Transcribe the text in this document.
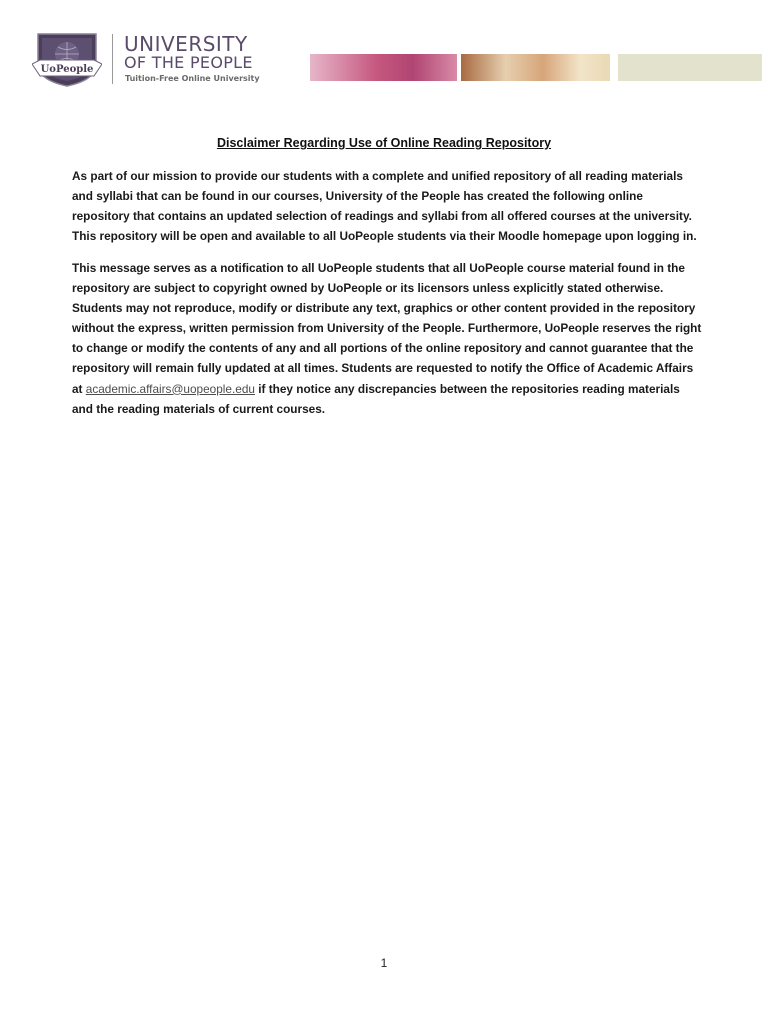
UoPeople
UNIVERSITY
OF THE PEOPLE
Tuition-Free Online University
Disclaimer Regarding Use of Online Reading Repository

As part of our mission to provide our students with a complete and unified repository of all reading materials and syllabi that can be found in our courses, University of the People has created the following online repository that contains an updated selection of readings and syllabi from all offered courses at the university. This repository will be open and available to all UoPeople students via their Moodle homepage upon logging in.

This message serves as a notification to all UoPeople students that all UoPeople course material found in the repository are subject to copyright owned by UoPeople or its licensors unless explicitly stated otherwise. Students may not reproduce, modify or distribute any text, graphics or other content provided in the repository without the express, written permission from University of the People. Furthermore, UoPeople reserves the right to change or modify the contents of any and all portions of the online repository and cannot guarantee that the repository will remain fully updated at all times. Students are requested to notify the Office of Academic Affairs at academic.affairs@uopeople.edu if they notice any discrepancies between the repositories reading materials and the reading materials of current courses.

1
